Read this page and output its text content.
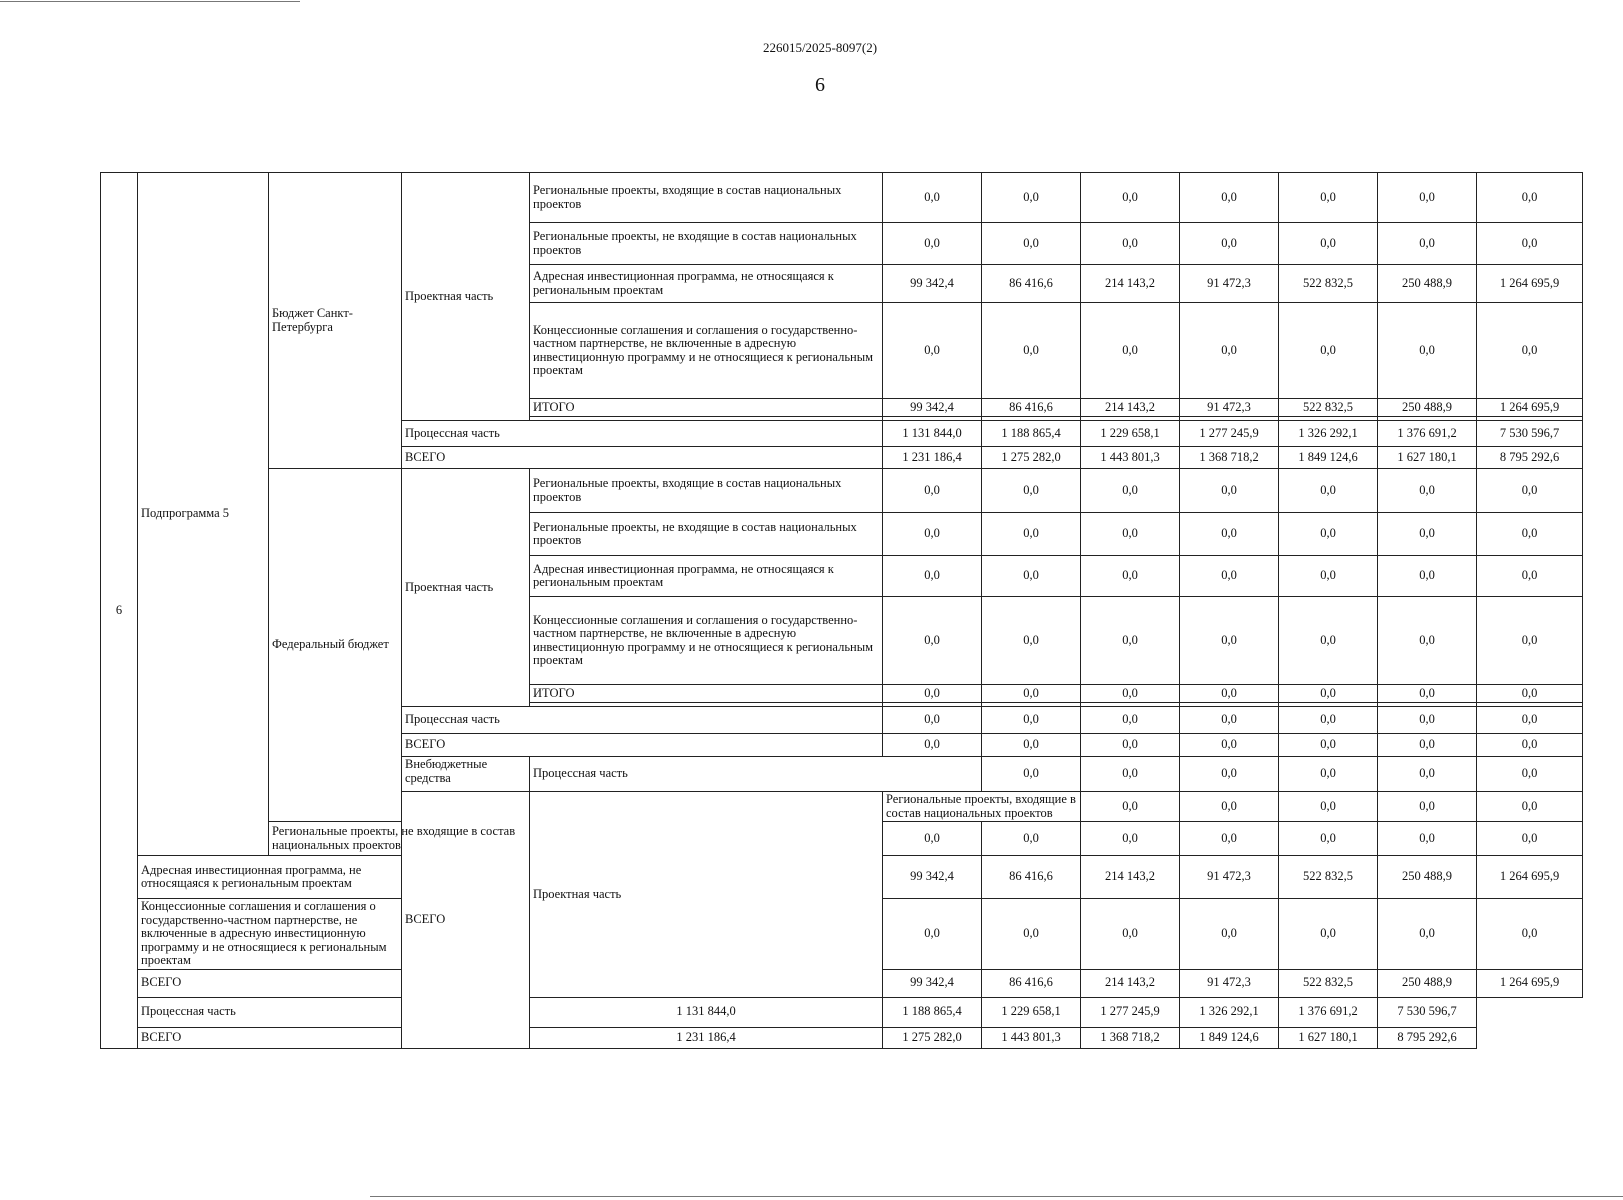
226015/2025-8097(2)
6
6	Подпрограмма 5	Бюджет Санкт-Петербурга	Проектная часть	Региональные проекты, входящие в состав национальных проектов	0,0	0,0	0,0	0,0	0,0	0,0	0,0	
				Региональные проекты, не входящие в состав национальных проектов	0,0	0,0	0,0	0,0	0,0	0,0	0,0	
				Адресная инвестиционная программа, не относящаяся к региональным проектам	99 342,4	86 416,6	214 143,2	91 472,3	522 832,5	250 488,9	1 264 695,9	
				Концессионные соглашения и соглашения о государственно-частном партнерстве, не включенные в адресную инвестиционную программу и не относящиеся к региональным проектам	0,0	0,0	0,0	0,0	0,0	0,0	0,0	
				ИТОГО	99 342,4	86 416,6	214 143,2	91 472,3	522 832,5	250 488,9	1 264 695,9	

			Процессная часть		1 131 844,0	1 188 865,4	1 229 658,1	1 277 245,9	1 326 292,1	1 376 691,2	7 530 596,7	
			ВСЕГО		1 231 186,4	1 275 282,0	1 443 801,3	1 368 718,2	1 849 124,6	1 627 180,1	8 795 292,6	
		Федеральный бюджет	Проектная часть	Региональные проекты, входящие в состав национальных проектов	0,0	0,0	0,0	0,0	0,0	0,0	0,0	
				Региональные проекты, не входящие в состав национальных проектов	0,0	0,0	0,0	0,0	0,0	0,0	0,0	
				Адресная инвестиционная программа, не относящаяся к региональным проектам	0,0	0,0	0,0	0,0	0,0	0,0	0,0	
				Концессионные соглашения и соглашения о государственно-частном партнерстве, не включенные в адресную инвестиционную программу и не относящиеся к региональным проектам	0,0	0,0	0,0	0,0	0,0	0,0	0,0	
				ИТОГО	0,0	0,0	0,0	0,0	0,0	0,0	0,0	

			Процессная часть		0,0	0,0	0,0	0,0	0,0	0,0	0,0	
			ВСЕГО		0,0	0,0	0,0	0,0	0,0	0,0	0,0	
			Внебюджетные средства	Процессная часть		0,0	0,0	0,0	0,0	0,0	0,0	
			ВСЕГО	Проектная часть	Региональные проекты, входящие в состав национальных проектов		0,0	0,0	0,0	0,0	0,0		
		Региональные проекты, не входящие в состав национальных проектов			0,0	0,0	0,0	0,0	0,0	0,0	0,0	
	Адресная инвестиционная программа, не относящаяся к региональным проектам				99 342,4	86 416,6	214 143,2	91 472,3	522 832,5	250 488,9	1 264 695,9	
	Концессионные соглашения и соглашения о государственно-частном партнерстве, не включенные в адресную инвестиционную программу и не относящиеся к региональным проектам				0,0	0,0	0,0	0,0	0,0	0,0	0,0	
	ВСЕГО				99 342,4	86 416,6	214 143,2	91 472,3	522 832,5	250 488,9	1 264 695,9	
	Процессная часть			1 131 844,0	1 188 865,4	1 229 658,1	1 277 245,9	1 326 292,1	1 376 691,2	7 530 596,7		
	ВСЕГО			1 231 186,4	1 275 282,0	1 443 801,3	1 368 718,2	1 849 124,6	1 627 180,1	8 795 292,6		
